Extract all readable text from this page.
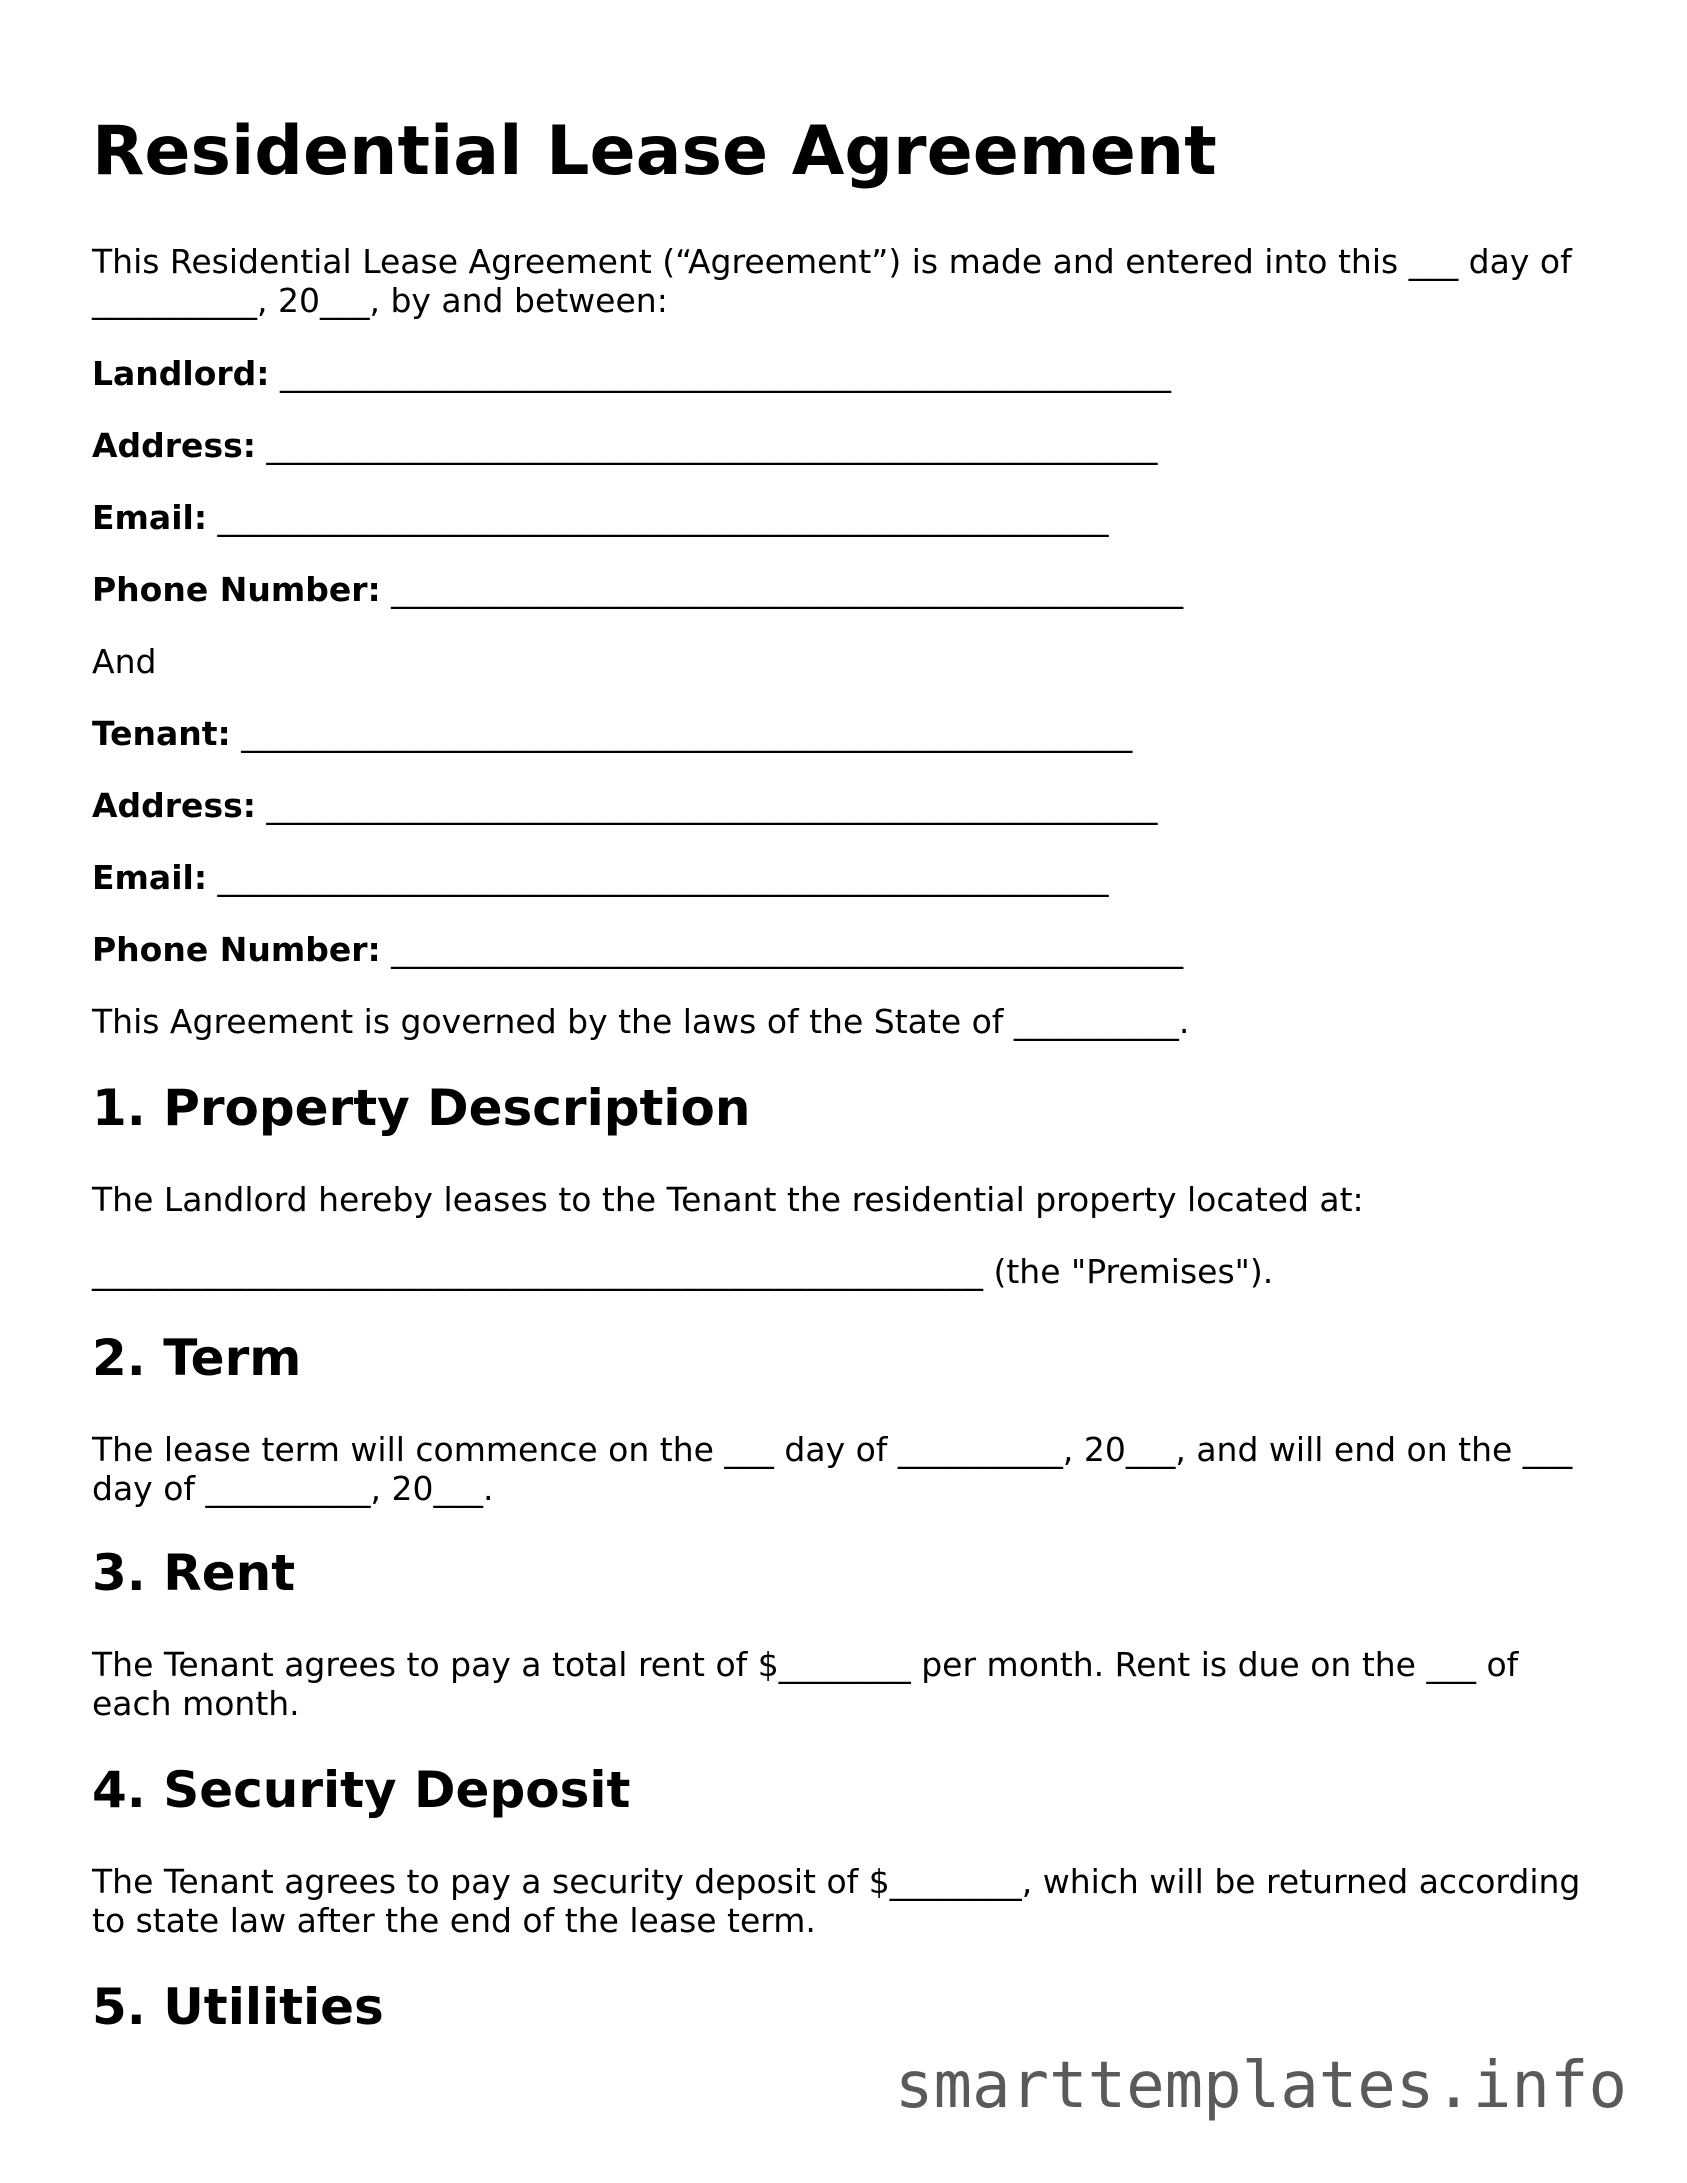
Residential Lease Agreement

This Residential Lease Agreement (“Agreement”) is made and entered into this ___ day of

__________, 20___, by and between:

Landlord: ______________________________________________________

Address: ______________________________________________________

Email: ______________________________________________________

Phone Number: ________________________________________________

And

Tenant: ______________________________________________________

Address: ______________________________________________________

Email: ______________________________________________________

Phone Number: ________________________________________________

This Agreement is governed by the laws of the State of __________.

1. Property Description

The Landlord hereby leases to the Tenant the residential property located at:

______________________________________________________ (the "Premises").

2. Term

The lease term will commence on the ___ day of __________, 20___, and will end on the ___

day of __________, 20___.

3. Rent

The Tenant agrees to pay a total rent of $________ per month. Rent is due on the ___ of

each month.

4. Security Deposit

The Tenant agrees to pay a security deposit of $________, which will be returned according

to state law after the end of the lease term.

5. Utilities

smarttemplates.info
